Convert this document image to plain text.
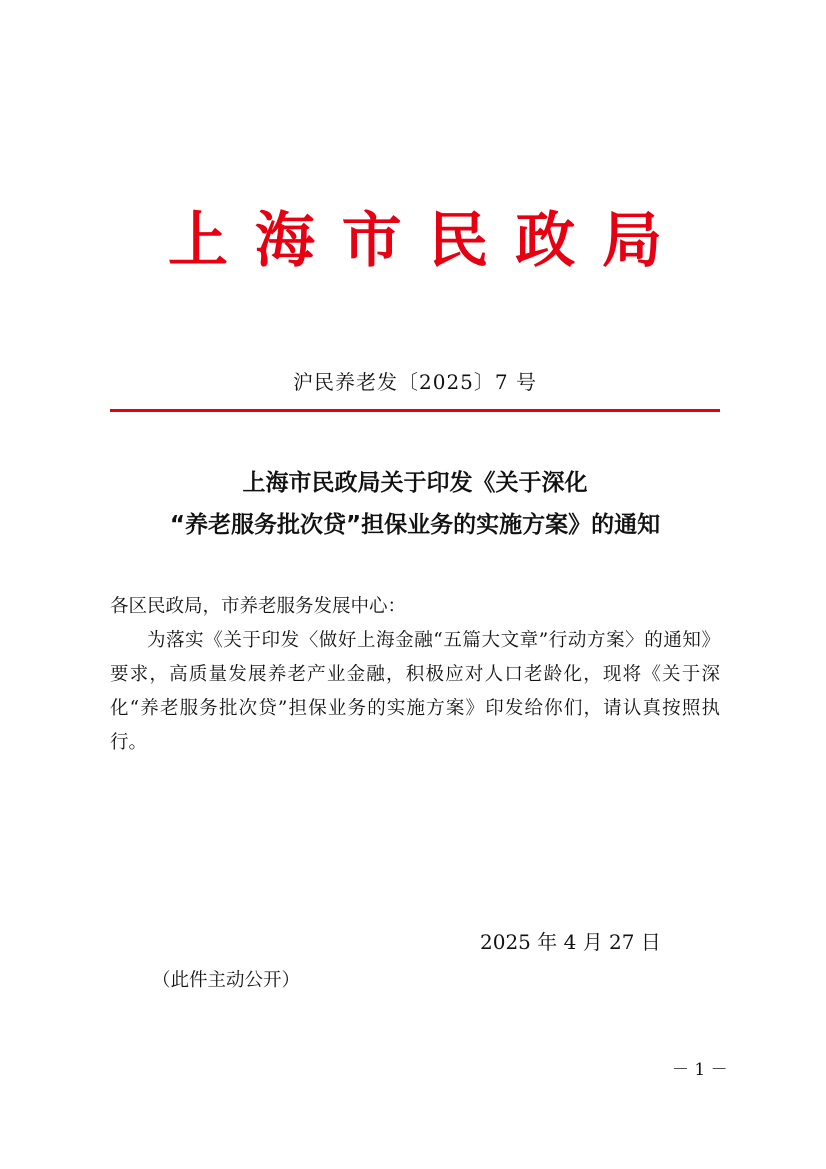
上 海 市 民 政 局
沪民养老发〔2025〕7 号
上海市民政局关于印发《关于深化
“养老服务批次贷”担保业务的实施方案》的通知

各区民政局，市养老服务发展中心：

为落实《关于印发〈做好上海金融“五篇大文章”行动方案〉的通知》要求，高质量发展养老产业金融，积极应对人口老龄化，现将《关于深化“养老服务批次贷”担保业务的实施方案》印发给你们，请认真按照执行。

2025 年 4 月 27 日
（此件主动公开）
－ 1 －
